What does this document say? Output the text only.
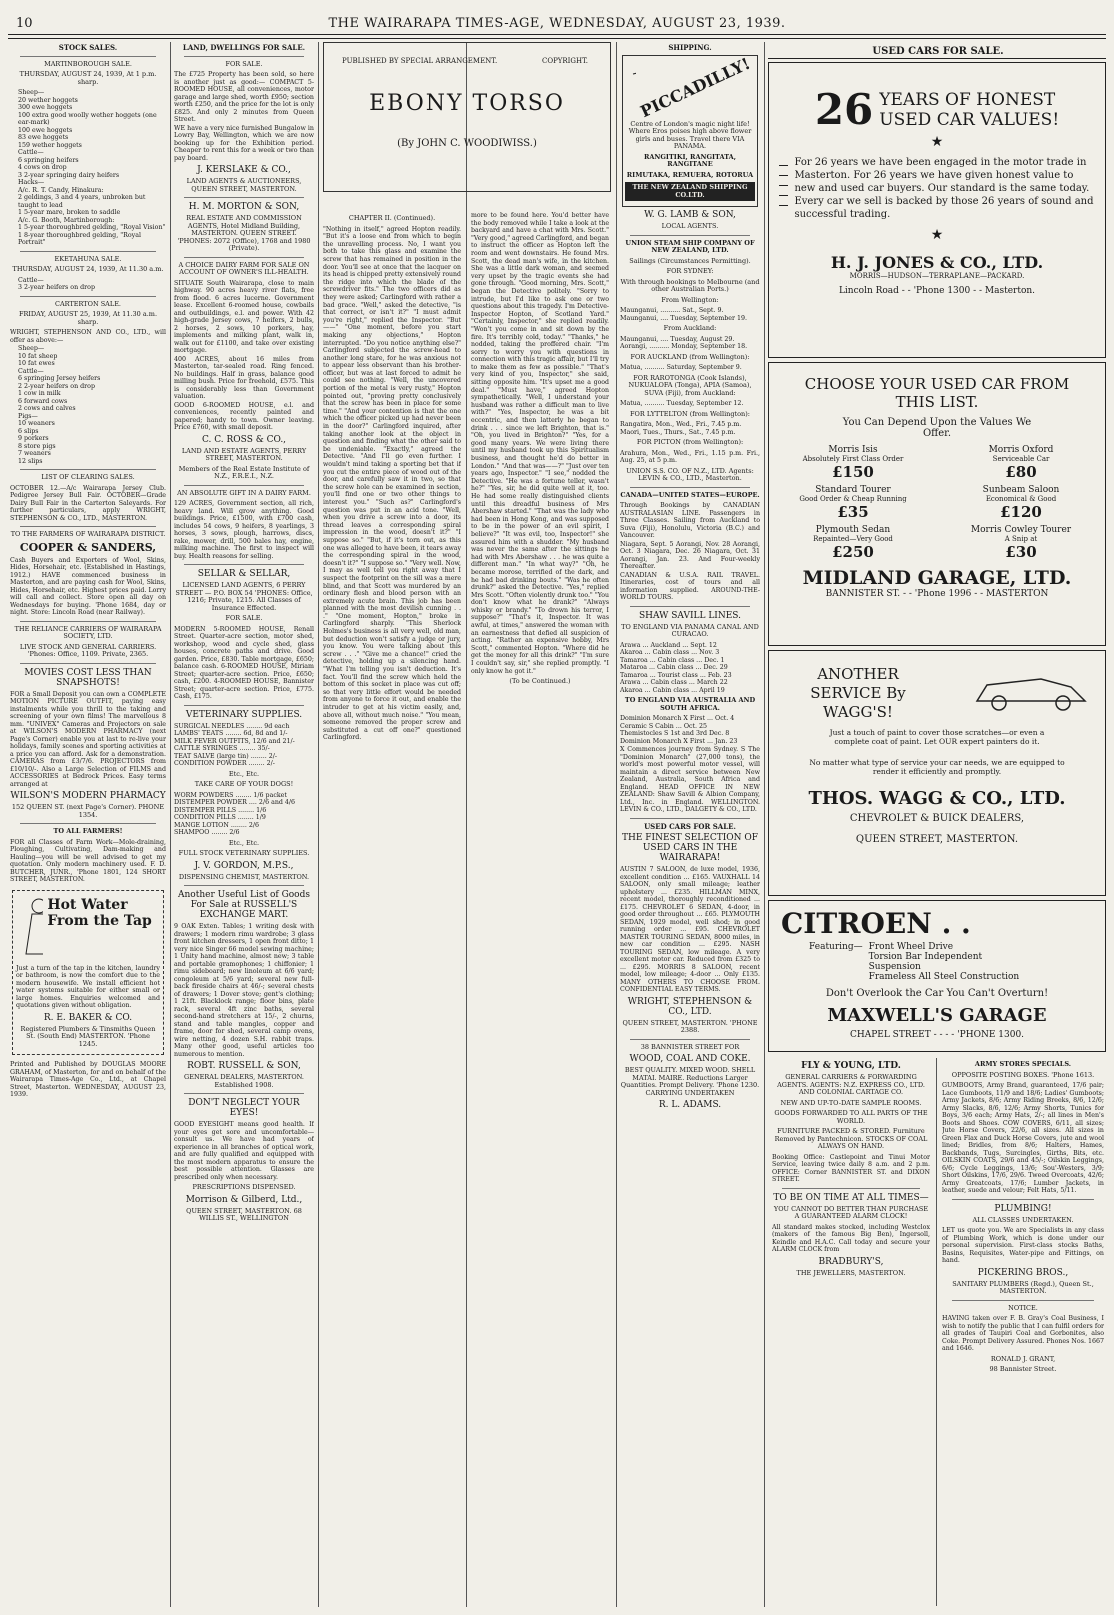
10	THE WAIRARAPA TIMES-AGE, WEDNESDAY, AUGUST 23, 1939.
STOCK SALES.
MARTINBOROUGH SALE.
THURSDAY, AUGUST 24, 1939, At 1 p.m. sharp.
Sheep—
20 wether hoggets
300 ewe hoggets
100 extra good woolly wether hoggets (one ear-mark)
100 ewe hoggets
83 ewe hoggets
159 wether hoggets
Cattle—
6 springing heifers
4 cows on drop
3 2-year springing dairy heifers
Hacks—
A/c. R. T. Candy, Hinakura:
2 geldings, 3 and 4 years, unbroken but taught to lead
1 5-year mare, broken to saddle
A/c. G. Booth, Martinborough:
1 5-year thoroughbred gelding, "Royal Vision"
1 8-year thoroughbred gelding, "Royal Portrait"
EKETAHUNA SALE.
THURSDAY, AUGUST 24, 1939, At 11.30 a.m.
Cattle—
3 2-year heifers on drop
CARTERTON SALE.
FRIDAY, AUGUST 25, 1939, At 11.30 a.m. sharp.
WRIGHT, STEPHENSON AND CO., LTD., will offer as above:—
Sheep—
10 fat sheep
10 fat ewes
Cattle—
6 springing Jersey heifers
2 2-year heifers on drop
1 cow in milk
6 forward cows
2 cows and calves
Pigs—
10 weaners
6 slips
9 porkers
8 store pigs
7 weaners
12 slips
LIST OF CLEARING SALES.
OCTOBER 12.—A/c Wairarapa Jersey Club. Pedigree Jersey Bull Fair. OCTOBER—Grade Dairy Bull Fair in the Carterton Saleyards. For further particulars, apply WRIGHT, STEPHENSON & CO., LTD., MASTERTON.
TO THE FARMERS OF WAIRARAPA DISTRICT.
COOPER & SANDERS,
Cash Buyers and Exporters of Wool, Skins, Hides, Horsehair, etc. (Established in Hastings, 1912.) HAVE commenced business in Masterton, and are paying cash for Wool, Skins, Hides, Horsehair, etc. Highest prices paid. Lorry will call and collect. Store open all day on Wednesdays for buying. 'Phone 1684, day or night. Store: Lincoln Road (near Railway).
THE RELIANCE CARRIERS OF WAIRARAPA SOCIETY, LTD.
LIVE STOCK AND GENERAL CARRIERS. 'Phones: Office, 1109. Private, 2365.
MOVIES COST LESS THAN SNAPSHOTS!
FOR a Small Deposit you can own a COMPLETE MOTION PICTURE OUTFIT, paying easy instalments while you thrill to the taking and screening of your own films! The marvellous 8 mm. "UNIVEX" Cameras and Projectors on sale at WILSON'S MODERN PHARMACY (next Page's Corner) enable you at last to re-live your holidays, family scenes and sporting activities at a price you can afford. Ask for a demonstration. CAMERAS from £3/7/6. PROJECTORS from £10/10/-. Also a Large Selection of FILMS and ACCESSORIES at Bedrock Prices. Easy terms arranged at
WILSON'S MODERN PHARMACY
152 QUEEN ST. (next Page's Corner). PHONE 1354.
TO ALL FARMERS!
FOR all Classes of Farm Work—Mole-draining, Ploughing, Cultivating, Dam-making and Hauling—you will be well advised to get my quotation. Only modern machinery used. F. D. BUTCHER, JUNR., 'Phone 1801, 124 SHORT STREET, MASTERTON.
Hot Water From the Tap
Just a turn of the tap in the kitchen, laundry or bathroom, is now the comfort due to the modern housewife. We install efficient hot water systems suitable for either small or large homes. Enquiries welcomed and quotations given without obligation.
R. E. BAKER & CO.
Registered Plumbers & Tinsmiths Queen St. (South End) MASTERTON. 'Phone 1245.
Printed and Published by DOUGLAS MOORE GRAHAM, of Masterton, for and on behalf of the Wairarapa Times-Age Co., Ltd., at Chapel Street, Masterton. WEDNESDAY, AUGUST 23, 1939.
LAND, DWELLINGS FOR SALE.
FOR SALE.
The £725 Property has been sold, so here is another just as good:— COMPACT 5-ROOMED HOUSE, all conveniences, motor garage and large shed, worth £950; section worth £250, and the price for the lot is only £825. And only 2 minutes from Queen Street.
WE have a very nice furnished Bungalow in Lowry Bay, Wellington, which we are now booking up for the Exhibition period. Cheaper to rent this for a week or two than pay board.
J. KERSLAKE & CO.,
LAND AGENTS & AUCTIONEERS, QUEEN STREET, MASTERTON.
H. M. MORTON & SON,
REAL ESTATE AND COMMISSION AGENTS, Hotel Midland Building, MASTERTON. QUEEN STREET. 'PHONES: 2072 (Office), 1768 and 1980 (Private).
A CHOICE DAIRY FARM FOR SALE ON ACCOUNT OF OWNER'S ILL-HEALTH.
SITUATE South Wairarapa, close to main highway. 90 acres heavy river flats, free from flood. 6 acres lucerne. Government lease. Excellent 6-roomed house, cowbails and outbuildings, e.l. and power. With 42 high-grade Jersey cows, 7 heifers, 2 bulls, 2 horses, 2 sows, 10 porkers, hay, implements and milking plant, walk in, walk out for £1100, and take over existing mortgage.
400 ACRES, about 16 miles from Masterton, tar-sealed road. Ring fenced. No buildings. Half in grass, balance good milling bush. Price for freehold, £575. This is considerably less than Government valuation.
GOOD 6-ROOMED HOUSE, e.l. and conveniences, recently painted and papered; handy to town. Owner leaving. Price £760, with small deposit.
C. C. ROSS & CO.,
LAND AND ESTATE AGENTS, PERRY STREET, MASTERTON.
Members of the Real Estate Institute of N.Z., F.R.E.I., N.Z.
AN ABSOLUTE GIFT IN A DAIRY FARM.
129 ACRES, Government section, all rich, heavy land. Will grow anything. Good buildings. Price, £1500, with £700 cash, includes 54 cows, 9 heifers, 8 yearlings, 3 horses, 3 sows, plough, harrows, discs, rake, mower, drill, 500 bales hay, engine, milking machine. The first to inspect will buy. Health reasons for selling.
SELLAR & SELLAR,
LICENSED LAND AGENTS, 6 PERRY STREET — P.O. BOX 54 'PHONES: Office, 1216; Private, 1215. All Classes of Insurance Effected.
FOR SALE.
MODERN 5-ROOMED HOUSE, Renall Street. Quarter-acre section, motor shed, workshop, wood and cycle shed, glass houses, concrete paths and drive. Good garden. Price, £830. Table mortgage, £650; balance cash. 6-ROOMED HOUSE, Miriam Street; quarter-acre section. Price, £650; cash, £200. 4-ROOMED HOUSE, Bannister Street; quarter-acre section. Price, £775. Cash, £175.
VETERINARY SUPPLIES.
SURGICAL NEEDLES ........ 9d each
LAMBS' TEATS ........ 6d, 8d and 1/-
MILK FEVER OUTFITS, 12/6 and 21/-
CATTLE SYRINGES ........ 35/-
TEAT SALVE (large tin) ........ 2/-
CONDITION POWDER ........ 2/-
Etc., Etc.
TAKE CARE OF YOUR DOGS!
WORM POWDERS ........ 1/6 packet
DISTEMPER POWDER .... 2/6 and 4/6
DISTEMPER PILLS ........ 1/6
CONDITION PILLS ........ 1/9
MANGE LOTION ........ 2/6
SHAMPOO ........ 2/6
Etc., Etc.
FULL STOCK VETERINARY SUPPLIES.
J. V. GORDON, M.P.S.,
DISPENSING CHEMIST, MASTERTON.
Another Useful List of Goods For Sale at RUSSELL'S EXCHANGE MART.
9 OAK Exten. Tables; 1 writing desk with drawers; 1 modern rimu wardrobe; 3 glass front kitchen dressers, 1 open front ditto; 1 very nice Singer 66 model sewing machine; 1 Unity hand machine, almost new; 3 table and portable gramophones; 1 chiffonier; 1 rimu sideboard; new linoleum at 6/6 yard; congoleum at 5/6 yard; several new full-back fireside chairs at 46/-; several chests of drawers; 1 Dover stove; gent's clothing; 1 21ft. Blacklock range; floor bins, plate rack, several 4ft zinc baths, several second-hand stretchers at 15/-, 2 churns, stand and table mangles, copper and frame, door for shed, several camp ovens, wire netting, 4 dozen S.H. rabbit traps. Many other good, useful articles too numerous to mention.
ROBT. RUSSELL & SON,
GENERAL DEALERS, MASTERTON. Established 1908.
DON'T NEGLECT YOUR EYES!
GOOD EYESIGHT means good health. If your eyes get sore and uncomfortable—consult us. We have had years of experience in all branches of optical work, and are fully qualified and equipped with the most modern apparatus to ensure the best possible attention. Glasses are prescribed only when necessary.
PRESCRIPTIONS DISPENSED.
Morrison & Gilberd, Ltd.,
QUEEN STREET, MASTERTON. 68 WILLIS ST., WELLINGTON
PUBLISHED BY SPECIAL ARRANGEMENT.	COPYRIGHT.
EBONY TORSO
(By JOHN C. WOODIWISS.)
CHAPTER II. (Continued).
"Nothing in itself," agreed Hopton readily. "But it's a loose end from which to begin the unravelling process. No, I want you both to take this glass and examine the screw that has remained in position in the door. You'll see at once that the lacquer on its head is chipped pretty extensively round the ridge into which the blade of the screwdriver fits." The two officers did as they were asked; Carlingford with rather a bad grace. "Well," asked the detective, "is that correct, or isn't it?" "I must admit you're right," replied the Inspector. "But——" "One moment, before you start making any objections," Hopton interrupted. "Do you notice anything else?" Carlingford subjected the screw-head to another long stare, for he was anxious not to appear less observant than his brother-officer, but was at last forced to admit he could see nothing. "Well, the uncovered portion of the metal is very rusty," Hopton pointed out, "proving pretty conclusively that the screw has been in place for some time." "And your contention is that the one which the officer picked up had never been in the door?" Carlingford inquired, after taking another look at the object in question and finding what the other said to be undeniable. "Exactly," agreed the Detective. "And I'll go even further. I wouldn't mind taking a sporting bet that if you cut the entire piece of wood out of the door, and carefully saw it in two, so that the screw hole can be examined in section, you'll find one or two other things to interest you." "Such as?" Carlingford's question was put in an acid tone. "Well, when you drive a screw into a door, its thread leaves a corresponding spiral impression in the wood, doesn't it?" "I suppose so." "But, if it's torn out, as this one was alleged to have been, it tears away the corresponding spiral in the wood, doesn't it?" "I suppose so." "Very well. Now, I may as well tell you right away that I suspect the footprint on the sill was a mere blind, and that Scott was murdered by an ordinary flesh and blood person with an extremely acute brain. This job has been planned with the most devilish cunning . . ." "One moment, Hopton," broke in Carlingford sharply. "This Sherlock Holmes's business is all very well, old man, but deduction won't satisfy a judge or jury, you know. You were talking about this screw . . ." "Give me a chance!" cried the detective, holding up a silencing hand. "What I'm telling you isn't deduction. It's fact. You'll find the screw which held the bottom of this socket in place was cut off; so that very little effort would be needed from anyone to force it out, and enable the intruder to get at his victim easily, and, above all, without much noise." "You mean, someone removed the proper screw and substituted a cut off one?" questioned Carlingford.
more to be found here. You'd better have the body removed while I take a look at the backyard and have a chat with Mrs. Scott." "Very good," agreed Carlingford, and began to instruct the officer as Hopton left the room and went downstairs. He found Mrs. Scott, the dead man's wife, in the kitchen. She was a little dark woman, and seemed very upset by the tragic events she had gone through. "Good morning, Mrs. Scott," began the Detective politely. "Sorry to intrude, but I'd like to ask one or two questions about this tragedy. I'm Detective-Inspector Hopton, of Scotland Yard." "Certainly, Inspector," she replied readily. "Won't you come in and sit down by the fire. It's terribly cold, today." "Thanks," he nodded, taking the proffered chair. "I'm sorry to worry you with questions in connection with this tragic affair, but I'll try to make them as few as possible." "That's very kind of you, Inspector," she said, sitting opposite him. "It's upset me a good deal." "Must have," agreed Hopton sympathetically. "Well, I understand your husband was rather a difficult man to live with?" "Yes, Inspector, he was a bit eccentric, and then latterly he began to drink . . . since we left Brighton, that is." "Oh, you lived in Brighton?" "Yes, for a good many years. We were living there until my husband took up this Spiritualism business, and thought he'd do better in London." "And that was——?" "Just over ten years ago, Inspector." "I see," nodded the Detective. "He was a fortune teller, wasn't he?" "Yes, sir, he did quite well at it, too. He had some really distinguished clients until this dreadful business of Mrs Abershaw started." "That was the lady who had been in Hong Kong, and was supposed to be in the power of an evil spirit, I believe?" "It was evil, too, Inspector!" she assured him with a shudder. "My husband was never the same after the sittings he had with Mrs Abershaw . . . he was quite a different man." "In what way?" "Oh, he became morose, terrified of the dark, and he had bad drinking bouts." "Was he often drunk?" asked the Detective. "Yes," replied Mrs Scott. "Often violently drunk too." "You don't know what he drank?" "Always whisky or brandy." "To drown his terror, I suppose?" "That's it, Inspector. It was awful, at times," answered the woman with an earnestness that defied all suspicion of acting. "Rather an expensive hobby, Mrs Scott," commented Hopton. "Where did he get the money for all this drink?" "I'm sure I couldn't say, sir," she replied promptly. "I only know he got it."
(To be Continued.)
SHIPPING.
PICCADILLY!
Centre of London's magic night life! Where Eros poises high above flower girls and buses. Travel there VIA PANAMA.
RANGITIKI, RANGITATA, RANGITANE
RIMUTAKA, REMUERA, ROTORUA
THE NEW ZEALAND SHIPPING CO.LTD.
W. G. LAMB & SON,
LOCAL AGENTS.
UNION STEAM SHIP COMPANY OF NEW ZEALAND, LTD.
Sailings (Circumstances Permitting).
FOR SYDNEY:
With through bookings to Melbourne (and other Australian Ports.)
From Wellington:
Maunganui, .......... Sat., Sept. 9.
Maunganui, .... Tuesday, September 19.
From Auckland:
Maunganui, .... Tuesday, August 29.
Aorangi, .......... Monday, September 18.
FOR AUCKLAND (from Wellington):
Matua, .......... Saturday, September 9.
FOR RAROTONGA (Cook Islands), NUKUALOFA (Tonga), APIA (Samoa), SUVA (Fiji), from Auckland:
Matua, .......... Tuesday, September 12.
FOR LYTTELTON (from Wellington):
Rangatira, Mon., Wed., Fri., 7.45 p.m.
Maori, Tues., Thurs., Sat., 7.45 p.m.
FOR PICTON (from Wellington):
Arahura, Mon., Wed., Fri., 1.15 p.m. Fri., Aug. 25, at 5 p.m.
UNION S.S. CO. OF N.Z., LTD. Agents: LEVIN & CO., LTD., Masterton.
CANADA—UNITED STATES—EUROPE.
Through Bookings by CANADIAN AUSTRALASIAN LINE. Passengers in Three Classes. Sailing from Auckland to Suva (Fiji), Honolulu, Victoria (B.C.) and Vancouver.
Niagara, Sept. 5 Aorangi, Nov. 28 Aorangi, Oct. 3 Niagara, Dec. 26 Niagara, Oct. 31 Aorangi, Jan. 23. And Four-weekly Thereafter.
CANADIAN & U.S.A. RAIL TRAVEL. Itineraries, cost of tours and all information supplied. AROUND-THE-WORLD TOURS.
SHAW SAVILL LINES.
TO ENGLAND VIA PANAMA CANAL AND CURACAO.
Arawa ... Auckland ... Sept. 12
Akaroa ... Cabin class ... Nov. 3
Tamaroa ... Cabin class ... Dec. 1
Mataroa ... Cabin class ... Dec. 29
Tamaroa ... Tourist class ... Feb. 23
Arawa ... Cabin class ... March 22
Akaroa ... Cabin class ... April 19
TO ENGLAND VIA AUSTRALIA AND SOUTH AFRICA.
Dominion Monarch X First ... Oct. 4
Ceramic S Cabin ... Oct. 25
Themistocles S 1st and 3rd Dec. 8
Dominion Monarch X First ... Jan. 23
X Commences journey from Sydney. S The "Dominion Monarch" (27,000 tons), the world's most powerful motor vessel, will maintain a direct service between New Zealand, Australia, South Africa and England. HEAD OFFICE IN NEW ZEALAND: Shaw Savill & Albion Company, Ltd., Inc. in England. WELLINGTON. LEVIN & CO., LTD., DALGETY & CO., LTD.
USED CARS FOR SALE.
THE FINEST SELECTION OF USED CARS IN THE WAIRARAPA!
AUSTIN 7 SALOON, de luxe model, 1936, excellent condition ... £165. VAUXHALL 14 SALOON, only small mileage; leather upholstery ... £235. HILLMAN MINX, recent model, thoroughly reconditioned ... £175. CHEVROLET 6 SEDAN, 4-door, in good order throughout ... £65. PLYMOUTH SEDAN, 1929 model, well shod; in good running order ... £95. CHEVROLET MASTER TOURING SEDAN, 8000 miles, in new car condition ... £295. NASH TOURING SEDAN, low mileage. A very excellent motor car. Reduced from £325 to ... £295. MORRIS 8 SALOON, recent model, low mileage; 4-door ... Only £135. MANY OTHERS TO CHOOSE FROM. CONFIDENTIAL EASY TERMS.
WRIGHT, STEPHENSON & CO., LTD.
QUEEN STREET, MASTERTON. 'PHONE 2388.
38 BANNISTER STREET FOR
WOOD, COAL AND COKE.
BEST QUALITY. MIXED WOOD. SHELL MATAI. MAIRE. Reductions Larger Quantities. Prompt Delivery. 'Phone 1230. CARRYING UNDERTAKEN
R. L. ADAMS.
USED CARS FOR SALE.
26 YEARS OF HONEST
USED CAR VALUES!
★
For 26 years we have been engaged in the motor trade in Masterton. For 26 years we have given honest value to new and used car buyers. Our standard is the same today. Every car we sell is backed by those 26 years of sound and successful trading.
★
H. J. JONES & CO., LTD.
MORRIS—HUDSON—TERRAPLANE—PACKARD.
Lincoln Road - - 'Phone 1300 - - Masterton.
CHOOSE YOUR USED CAR FROM THIS LIST.
You Can Depend Upon the Values We Offer.
Morris Isis
Absolutely First Class Order
£150
Morris Oxford
Serviceable Car
£80
Standard Tourer
Good Order & Cheap Running
£35
Sunbeam Saloon
Economical & Good
£120
Plymouth Sedan
Repainted—Very Good
£250
Morris Cowley Tourer
A Snip at
£30
MIDLAND GARAGE, LTD.
BANNISTER ST. - - 'Phone 1996 - - MASTERTON
ANOTHER SERVICE By WAGG'S!
Just a touch of paint to cover those scratches—or even a complete coat of paint. Let OUR expert painters do it.
No matter what type of service your car needs, we are equipped to render it efficiently and promptly.
THOS. WAGG & CO., LTD.
CHEVROLET & BUICK DEALERS,
QUEEN STREET, MASTERTON.
CITROEN . .
Featuring— Front Wheel Drive
Torsion Bar Independent
Suspension
Frameless All Steel Construction
Don't Overlook the Car You Can't Overturn!
MAXWELL'S GARAGE
CHAPEL STREET - - - - 'PHONE 1300.
FLY & YOUNG, LTD.
GENERAL CARRIERS & FORWARDING AGENTS. AGENTS: N.Z. EXPRESS CO., LTD. AND COLONIAL CARTAGE CO.
NEW AND UP-TO-DATE SAMPLE ROOMS.
GOODS FORWARDED TO ALL PARTS OF THE WORLD.
FURNITURE PACKED & STORED. Furniture Removed by Pantechnicon. STOCKS OF COAL ALWAYS ON HAND.
Booking Office: Castlepoint and Tinui Motor Service, leaving twice daily 8 a.m. and 2 p.m. OFFICE: Corner BANNISTER ST. and DIXON STREET.
TO BE ON TIME AT ALL TIMES—
YOU CANNOT DO BETTER THAN PURCHASE A GUARANTEED ALARM CLOCK!
All standard makes stocked, including Westclox (makers of the famous Big Ben), Ingersoll, Keindle and H.A.C. Call today and secure your ALARM CLOCK from
BRADBURY'S,
THE JEWELLERS, MASTERTON.
ARMY STORES SPECIALS.
OPPOSITE POSTING BOXES. 'Phone 1613.
GUMBOOTS, Army Brand, guaranteed, 17/6 pair; Lace Gumboots, 11/9 and 18/6; Ladies' Gumboots; Army Jackets, 8/6; Army Riding Breeks, 8/6, 12/6; Army Slacks, 8/6, 12/6; Army Shorts, Tunics for Boys, 3/6 each; Army Hats, 2/-; all lines in Men's Boots and Shoes. COW COVERS, 6/11, all sizes; Jute Horse Covers, 22/6, all sizes. All sizes in Green Flax and Duck Horse Covers, jute and wool lined; Bridles, from 8/6; Halters, Hames, Backbands, Tugs, Surcingles, Girths, Bits, etc. OILSKIN COATS, 29/6 and 45/-; Oilskin Leggings, 6/6; Cycle Leggings, 13/6; Sou'-Westers, 3/9; Short Oilskins, 17/6, 29/6. Tweed Overcoats, 42/6; Army Greatcoats, 17/6; Lumber Jackets, in leather, suede and velour; Felt Hats, 5/11.
PLUMBING!
ALL CLASSES UNDERTAKEN.
LET us quote you. We are Specialists in any class of Plumbing Work, which is done under our personal supervision. First-class stocks Baths, Basins, Requisites, Water-pipe and Fittings, on hand.
PICKERING BROS.,
SANITARY PLUMBERS (Regd.), Queen St., MASTERTON.
NOTICE.
HAVING taken over F. B. Gray's Coal Business, I wish to notify the public that I can fulfil orders for all grades of Taupiri Coal and Gorbonites, also Coke. Prompt Delivery Assured. Phones Nos. 1667 and 1646.
RONALD J. GRANT,
98 Bannister Street.
